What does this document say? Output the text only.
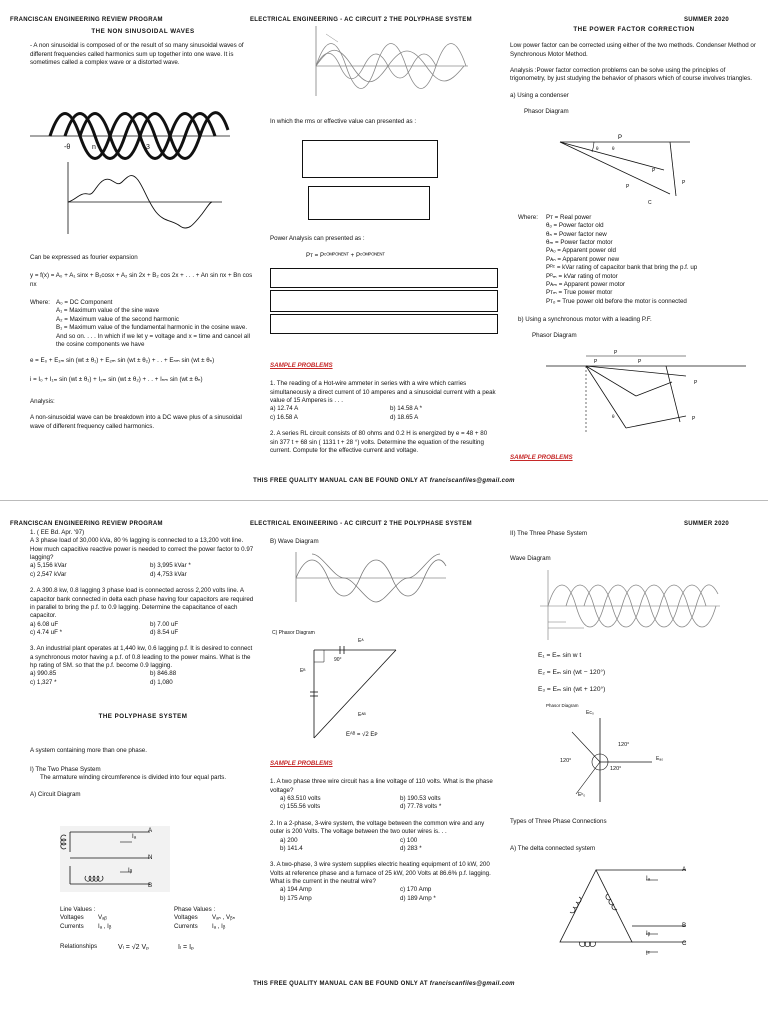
FRANCISCAN ENGINEERING REVIEW PROGRAM	ELECTRICAL ENGINEERING - AC CIRCUIT 2 THE POLYPHASE SYSTEM	SUMMER 2020
THE NON SINUSOIDAL WAVES
- A non sinusoidal is composed of or the result of so many sinusoidal waves of different frequencies called harmonics sum up together into one wave. It is sometimes called a complex wave or a distorted wave.
-θ	n	3
Can be expressed as fourier expansion
y = f(x) = A₀ + A₁ sinx + B₁cosx + A₂ sin 2x + B₂ cos 2x + . . . + An sin nx + Bn cos nx
Where: A₀ = DC Component
A₁ = Maximum value of the sine wave
A₂ = Maximum value of the second harmonic
B₁ = Maximum value of the fundamental harmonic in the cosine wave.
And so on. . . . In which if we let y = voltage and x = time and cancel all the cosine components we have
e = E₀ + E₁ₘ sin (wt ± θ₁) + E₂ₘ sin (wt ± θ₂) + . . + Eₙₘ sin (wt ± θₙ)
i = I₀ + I₁ₘ sin (wt ± θ₁) + I₂ₘ sin (wt ± θ₂) + . . + Iₙₘ sin (wt ± θₙ)
Analysis:
A non-sinusoidal wave can be breakdown into a DC wave plus of a sinusoidal wave of different frequency called harmonics.
In which the rms or effective value can presented as :
Power Analysis can presented as :
Pᴛ = Pᶜᴼᴹᴾᴼᴺᴱᴺᵀ + Pᶜᴼᴹᴾᴼᴺᴱᴺᵀ
SAMPLE PROBLEMS
1. The reading of a Hot-wire ammeter in series with a wire which carries simultaneously a direct current of 10 amperes and a sinusoidal current with a peak value of 15 Amperes is . . .
a) 12.74 A	b) 14.58 A *
c) 16.58 A	d) 18.65 A
2. A series RL circuit consists of 80 ohms and 0.2 H is energized by e = 48 + 80 sin 377 t + 68 sin ( 1131 t + 28 °) volts. Determine the equation of the resulting current. Compute for the effective current and voltage.
THE POWER FACTOR CORRECTION
Low power factor can be corrected using either of the two methods. Condenser Method or Synchronous Motor Method.
Analysis :Power factor correction problems can be solve using the principles of trigonometry, by just studying the behavior of phasors which of course involves triangles.
a) Using a condenser
Phasor Diagram
P
θ	θ
P
P
P
C
Where:	Pᴛ = Real power
θₒ = Power factor old
θₙ = Power factor new
θₘ = Power factor motor
Pᴀₒ = Apparent power old
Pᴀₙ = Apparent power new
Pᴿᶜ = kVar rating of capacitor bank that bring the p.f. up
Pᴿₘ = kVar rating of motor
Pᴀₘ = Apparent power motor
Pᴛₘ = True power motor
Pᴛₒ = True power old before the motor is connected
b) Using a synchronous motor with a leading P.F.
Phasor Diagram
P
P	P
P
P
θ
SAMPLE PROBLEMS
THIS FREE QUALITY MANUAL CAN BE FOUND ONLY AT franciscanfiles@gmail.com
FRANCISCAN ENGINEERING REVIEW PROGRAM	ELECTRICAL ENGINEERING - AC CIRCUIT 2 THE POLYPHASE SYSTEM	SUMMER 2020
1. ( EE Bd. Apr. '97)
A 3 phase load of 30,000 kVa, 80 % lagging is connected to a 13,200 volt line. How much capacitive reactive power is needed to correct the power factor to 0.97 lagging?
a) 5,156 kVar	b) 3,995 kVar *
c) 2,547 kVar	d) 4,753 kVar
2. A 390.8 kw, 0.8 lagging 3 phase load is connected across 2,200 volts line. A capacitor bank connected in delta each phase having four capacitors are required in parallel to bring the p.f. to 0.9 lagging. Determine the capacitance of each capacitor.
a) 6.08 uF	b) 7.00 uF
c) 4.74 uF *	d) 8.54 uF
3. An industrial plant operates at 1,440 kw, 0.6 lagging p.f. It is desired to connect a synchronous motor having a p.f. of 0.8 leading to the power mains. What is the hp rating of SM. so that the p.f. become 0.9 lagging.
a) 990.85	b) 846.88
c) 1,327 *	d) 1,080
THE POLYPHASE SYSTEM
A system containing more than one phase.
I) The Two Phase System
The armature winding circumference is divided into four equal parts.
A) Circuit Diagram
A
N
B
Iₐ
Iᵦ
Line Values :
Voltages	Vₐᵦ
Currents	Iₐ , Iᵦ
Phase Values :
Voltages	Vₐₙ , Vᵦₙ
Currents	Iₐ , Iᵦ
Relationships	Vₗ = √2 Vₚ	Iₗ = Iₚ
B) Wave Diagram
C) Phasor Diagram
Eᴬ
Eᴮ
90°
Eᴬᴮ
Eᴬᴮ = √2 Eᴘ
SAMPLE PROBLEMS
1. A two phase three wire circuit has a line voltage of 110 volts. What is the phase voltage?
a) 63.510 volts	b) 190.53 volts
c) 155.56 volts	d) 77.78 volts *
2. In a 2-phase, 3-wire system, the voltage between the common wire and any outer is 200 Volts. The voltage between the two outer wires is. . .
a) 200	c) 100
b) 141.4	d) 283 *
3. A two-phase, 3 wire system supplies electric heating equipment of 10 kW, 200 Volts at reference phase and a furnace of 25 kW, 200 Volts at 86.6% p.f. lagging. What is the current in the neutral wire?
a) 194 Amp	c) 170 Amp
b) 175 Amp	d) 189 Amp *
II) The Three Phase System
Wave Diagram
E₁ = Eₘ sin w t
E₂ = Eₘ sin (wt − 120°)
E₃ = Eₘ sin (wt + 120°)
Phasor Diagram
Eᴄ₀
120°
120°
120°
Eₐ₀
Eᵇ₀
Types of Three Phase Connections
A) The delta connected system
A
Iₐ
B
Iᵦ
C
Iᶜ
THIS FREE QUALITY MANUAL CAN BE FOUND ONLY AT franciscanfiles@gmail.com
